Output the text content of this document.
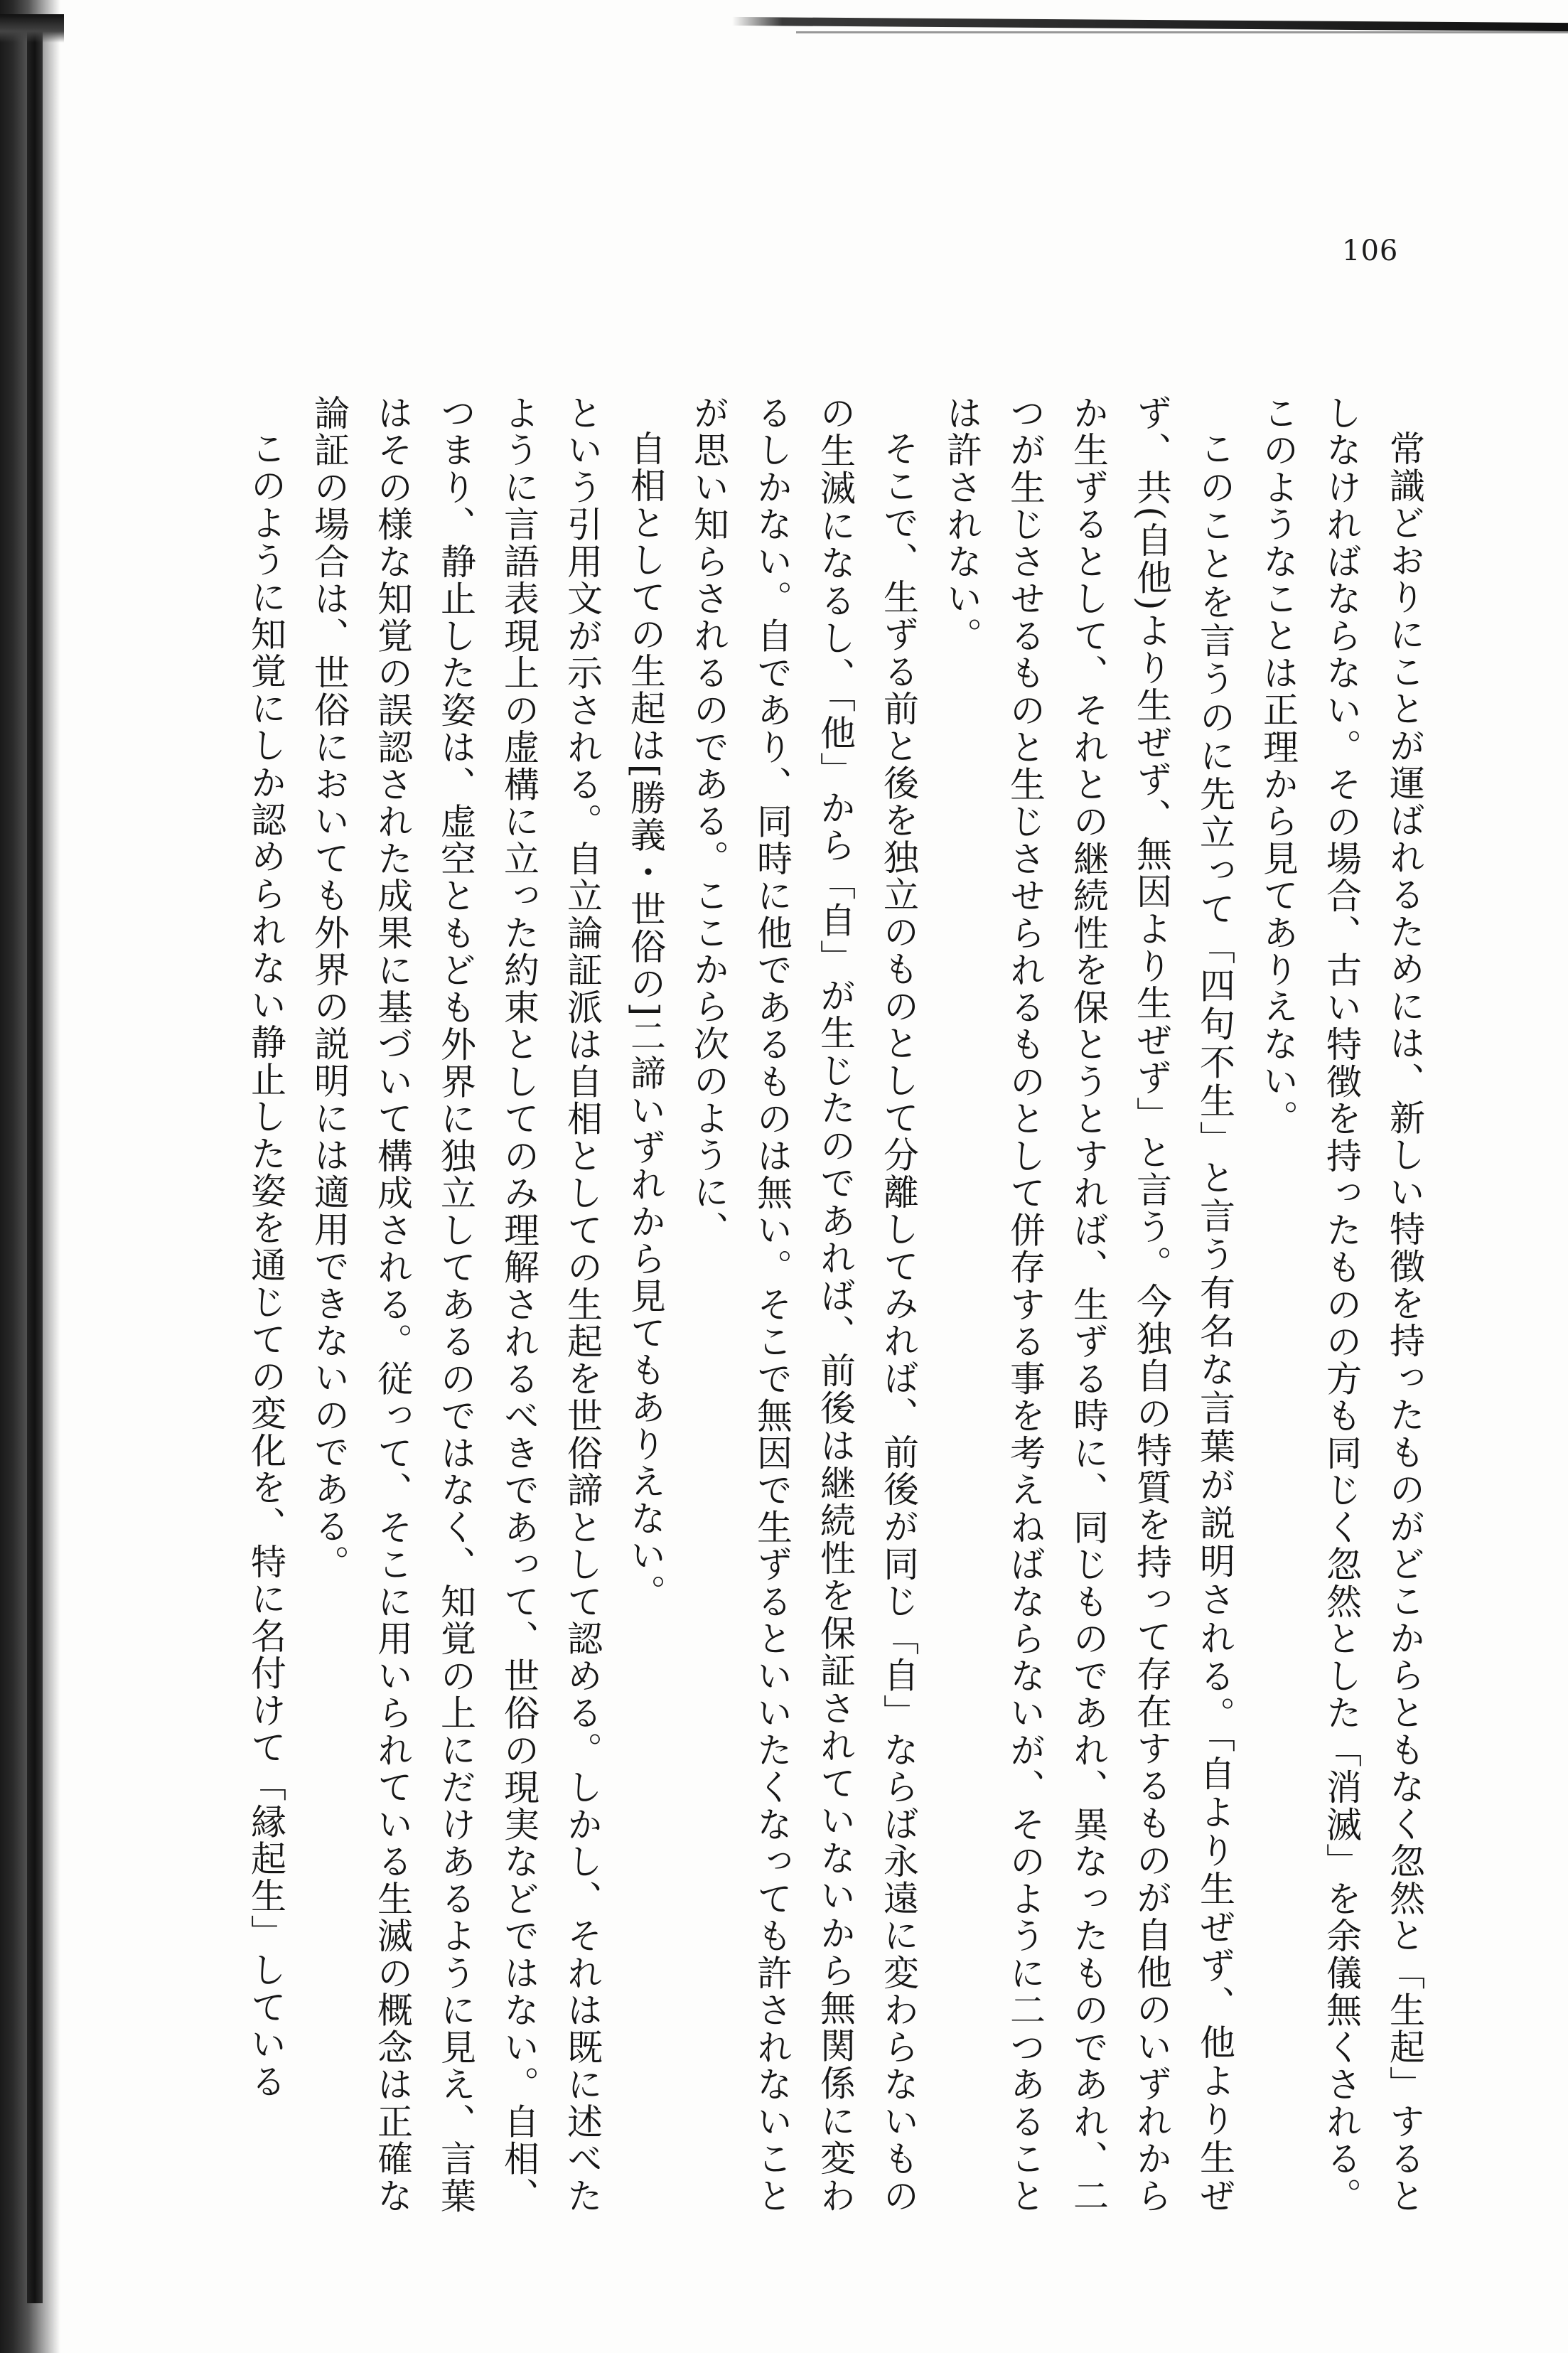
106

常識どおりにことが運ばれるためには、新しい特徴を持ったものがどこからともなく忽然と「生起」するとしなければならない。その場合、古い特徴を持ったものの方も同じく忽然とした「消滅」を余儀無くされる。このようなことは正理から見てありえない。

このことを言うのに先立って「四句不生」と言う有名な言葉が説明される。「自より生ぜず、他より生ぜず、共(自他)より生ぜず、無因より生ぜず」と言う。今独自の特質を持って存在するものが自他のいずれからか生ずるとして、それとの継続性を保とうとすれば、生ずる時に、同じものであれ、異なったものであれ、二つが生じさせるものと生じさせられるものとして併存する事を考えねばならないが、そのように二つあることは許されない。

そこで、生ずる前と後を独立のものとして分離してみれば、前後が同じ「自」ならば永遠に変わらないものの生滅になるし、「他」から「自」が生じたのであれば、前後は継続性を保証されていないから無関係に変わるしかない。自であり、同時に他であるものは無い。そこで無因で生ずるといいたくなっても許されないことが思い知らされるのである。ここから次のように、

自相としての生起は[勝義・世俗の]二諦いずれから見てもありえない。

という引用文が示される。自立論証派は自相としての生起を世俗諦として認める。しかし、それは既に述べたように言語表現上の虚構に立った約束としてのみ理解されるべきであって、世俗の現実などではない。自相、つまり、静止した姿は、虚空ともども外界に独立してあるのではなく、知覚の上にだけあるように見え、言葉はその様な知覚の誤認された成果に基づいて構成される。従って、そこに用いられている生滅の概念は正確な論証の場合は、世俗においても外界の説明には適用できないのである。

このように知覚にしか認められない静止した姿を通じての変化を、特に名付けて「縁起生」している
